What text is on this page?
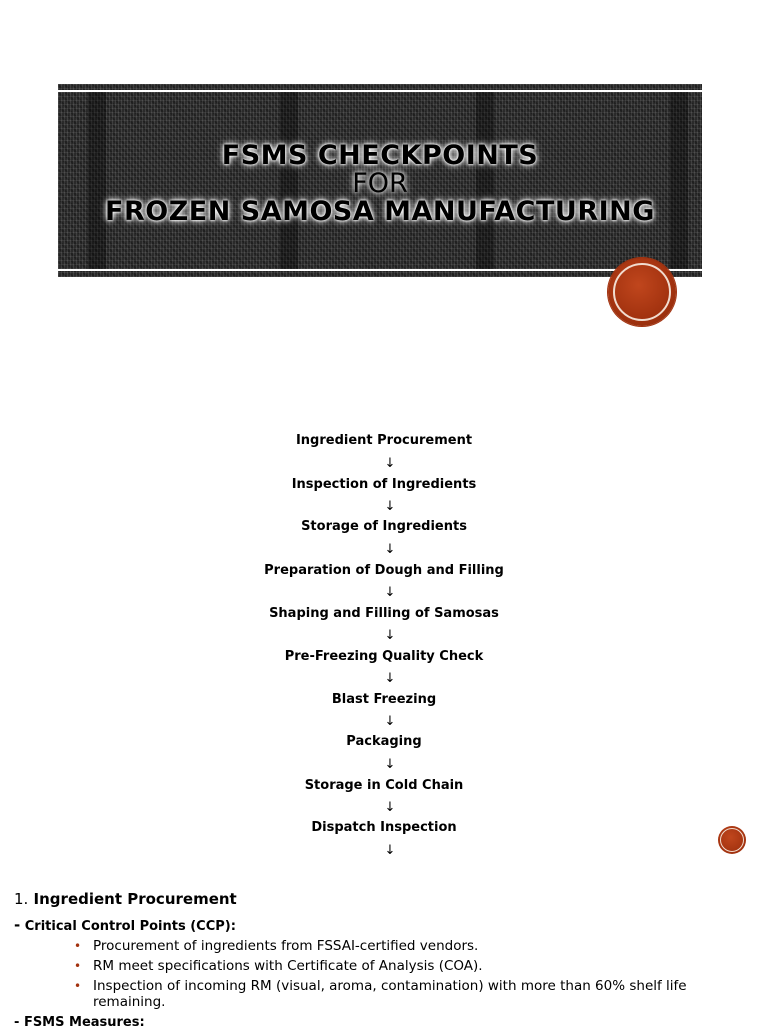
FSMS CHECKPOINTS
FOR
FROZEN SAMOSA MANUFACTURING
Ingredient Procurement
↓
Inspection of Ingredients
↓
Storage of Ingredients
↓
Preparation of Dough and Filling
↓
Shaping and Filling of Samosas
↓
Pre-Freezing Quality Check
↓
Blast Freezing
↓
Packaging
↓
Storage in Cold Chain
↓
Dispatch Inspection
↓
1. Ingredient Procurement
- Critical Control Points (CCP):
• Procurement of ingredients from FSSAI-certified vendors.
• RM meet specifications with Certificate of Analysis (COA).
• Inspection of incoming RM (visual, aroma, contamination) with more than 60% shelf life remaining.
- FSMS Measures:
